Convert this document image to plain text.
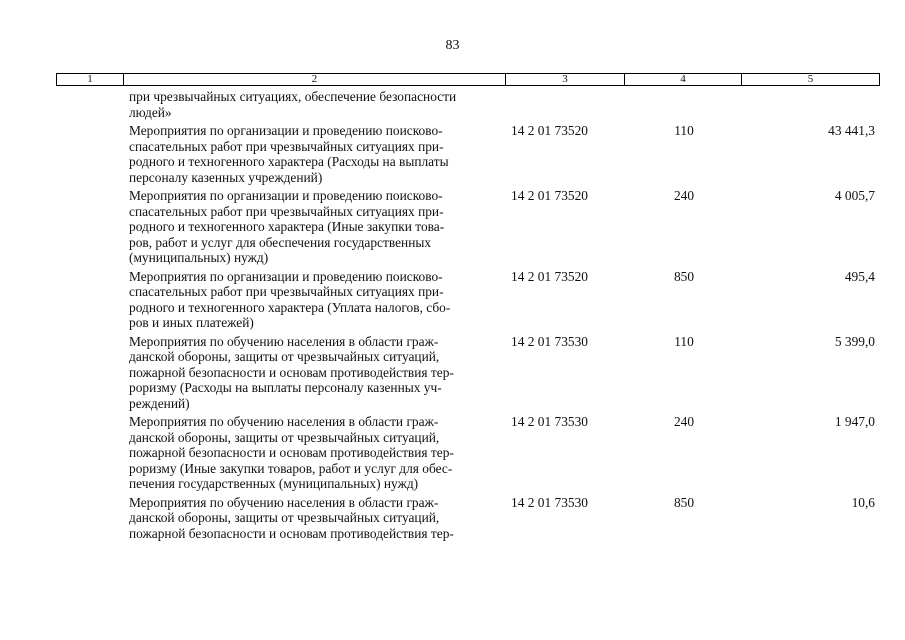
83
1	2	3	4	5
при чрезвычайных ситуациях, обеспечение безопасности
людей»
Мероприятия по организации и проведению поисково-
спасательных работ при чрезвычайных ситуациях при-
родного и техногенного характера (Расходы на выплаты
персоналу казенных учреждений)
14 2 01 73520	110	43 441,3
Мероприятия по организации и проведению поисково-
спасательных работ при чрезвычайных ситуациях при-
родного и техногенного характера (Иные закупки това-
ров, работ и услуг для обеспечения государственных
(муниципальных) нужд)
14 2 01 73520	240	4 005,7
Мероприятия по организации и проведению поисково-
спасательных работ при чрезвычайных ситуациях при-
родного и техногенного характера (Уплата налогов, сбо-
ров и иных платежей)
14 2 01 73520	850	495,4
Мероприятия по обучению населения в области граж-
данской обороны, защиты от чрезвычайных ситуаций,
пожарной безопасности и основам противодействия тер-
роризму (Расходы на выплаты персоналу казенных уч-
реждений)
14 2 01 73530	110	5 399,0
Мероприятия по обучению населения в области граж-
данской обороны, защиты от чрезвычайных ситуаций,
пожарной безопасности и основам противодействия тер-
роризму (Иные закупки товаров, работ и услуг для обес-
печения государственных (муниципальных) нужд)
14 2 01 73530	240	1 947,0
Мероприятия по обучению населения в области граж-
данской обороны, защиты от чрезвычайных ситуаций,
пожарной безопасности и основам противодействия тер-
14 2 01 73530	850	10,6
